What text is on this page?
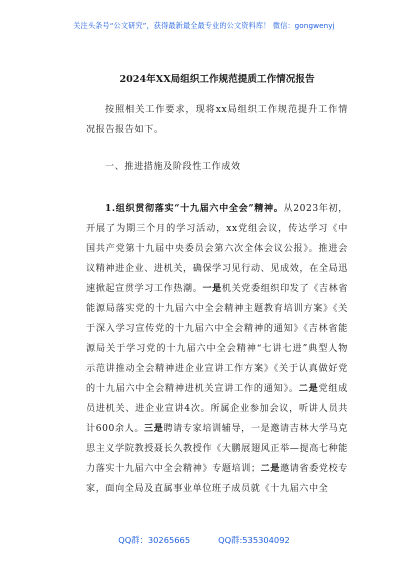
关注头条号“公文研究”，获得最新最全最专业的公文资料库！ 微信：gongwenyj
2024年XX局组织工作规范提质工作情况报告

按照相关工作要求，现将xx局组织工作规范提升工作情况报告报告如下。

一、推进措施及阶段性工作成效

1.组织贯彻落实“十九届六中全会”精神。从2023年初，开展了为期三个月的学习活动，xx党组会议，传达学习《中国共产党第十九届中央委员会第六次全体会议公报》。推进会议精神进企业、进机关，确保学习见行动、见成效，在全局迅速掀起宣贯学习工作热潮。一是机关党委组织印发了《吉林省能源局落实党的十九届六中全会精神主题教育培训方案》《关于深入学习宣传党的十九届六中全会精神的通知》《吉林省能源局关于学习党的十九届六中全会精神“七讲七进”典型人物示范讲推动全会精神进企业宣讲工作方案》《关于认真做好党的十九届六中全会精神进机关宣讲工作的通知》。二是党组成员进机关、进企业宣讲4次。所属企业参加会议，听讲人员共计600余人。三是聘请专家培训辅导，一是邀请吉林大学马克思主义学院教授聂长久教授作《大鹏展翅风正举—提高七种能力落实十九届六中全会精神》专题培训；二是邀请省委党校专家，面向全局及直属事业单位班子成员就《十九届六中全

QQ群：30265665	QQ群:535304092
